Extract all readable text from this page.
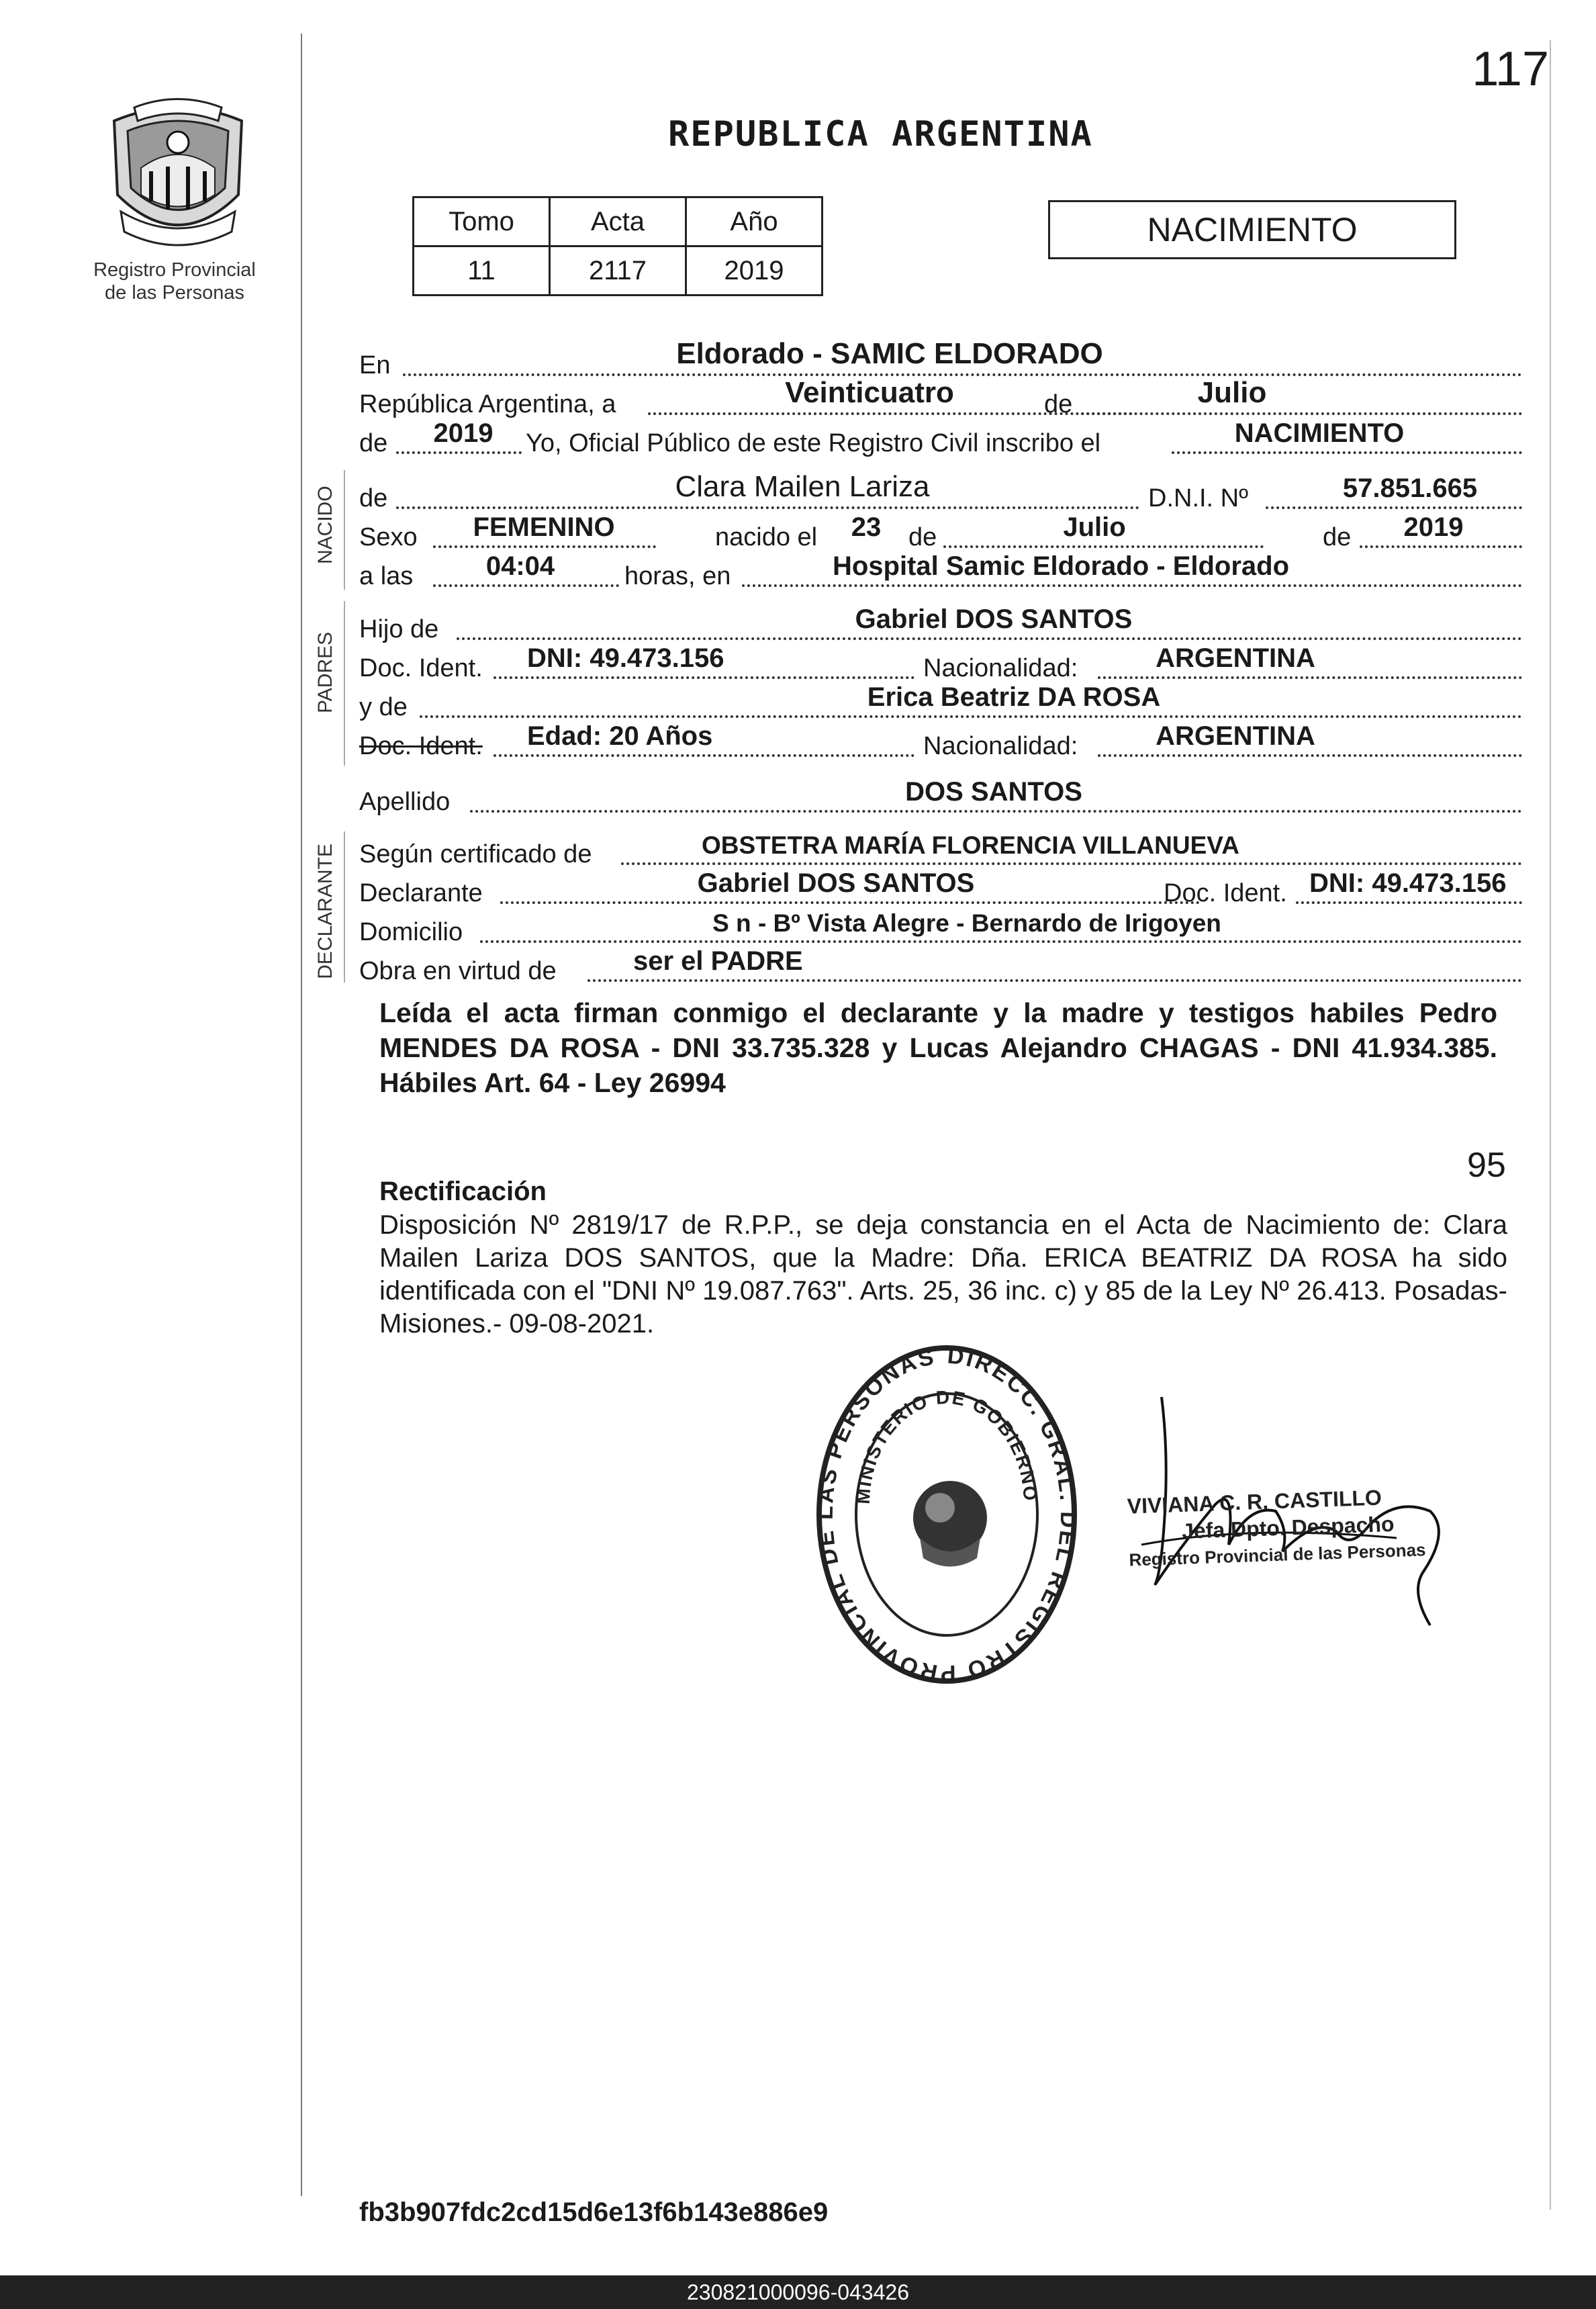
117
Registro Provincial
de las Personas
REPUBLICA ARGENTINA
Tomo	Acta	Año
11	2117	2019
NACIMIENTO
En	Eldorado - SAMIC ELDORADO
República Argentina, a	Veinticuatro	de	Julio
de 2019 Yo, Oficial Público de este Registro Civil inscribo el	NACIMIENTO
NACIDO de	Clara Mailen Lariza	D.N.I. Nº	57.851.665
Sexo FEMENINO	nacido el 23 de	Julio	de 2019
a las	04:04	horas, en	Hospital Samic Eldorado - Eldorado
PADRES
Hijo de	Gabriel DOS SANTOS
Doc. Ident. DNI: 49.473.156	Nacionalidad:	ARGENTINA
y de	Erica Beatriz DA ROSA
Doc. Ident. Edad: 20 Años	Nacionalidad:	ARGENTINA
Apellido	DOS SANTOS
DECLARANTE Según certificado de	OBSTETRA MARÍA FLORENCIA VILLANUEVA
Declarante	Gabriel DOS SANTOS	Doc. Ident. DNI: 49.473.156
Domicilio	S n - Bº Vista Alegre - Bernardo de Irigoyen
Obra en virtud de	ser el PADRE
Leída el acta firman conmigo el declarante y la madre y testigos habiles Pedro MENDES DA ROSA - DNI 33.735.328 y Lucas Alejandro CHAGAS - DNI 41.934.385. Hábiles Art. 64 - Ley 26994
95
Rectificación
Disposición Nº 2819/17 de R.P.P., se deja constancia en el Acta de Nacimiento de: Clara Mailen Lariza DOS SANTOS, que la Madre: Dña. ERICA BEATRIZ DA ROSA ha sido identificada con el "DNI Nº 19.087.763". Arts. 25, 36 inc. c) y 85 de la Ley Nº 26.413. Posadas- Misiones.- 09-08-2021.
DIRECC. GRAL. DEL REGISTRO PROVINCIAL DE LAS PERSONAS
MINISTERIO DE GOBIERNO	VIVIANA C. R. CASTILLO
Jefa Dpto. Despacho
Registro Provincial de las Personas
fb3b907fdc2cd15d6e13f6b143e886e9
230821000096-043426
